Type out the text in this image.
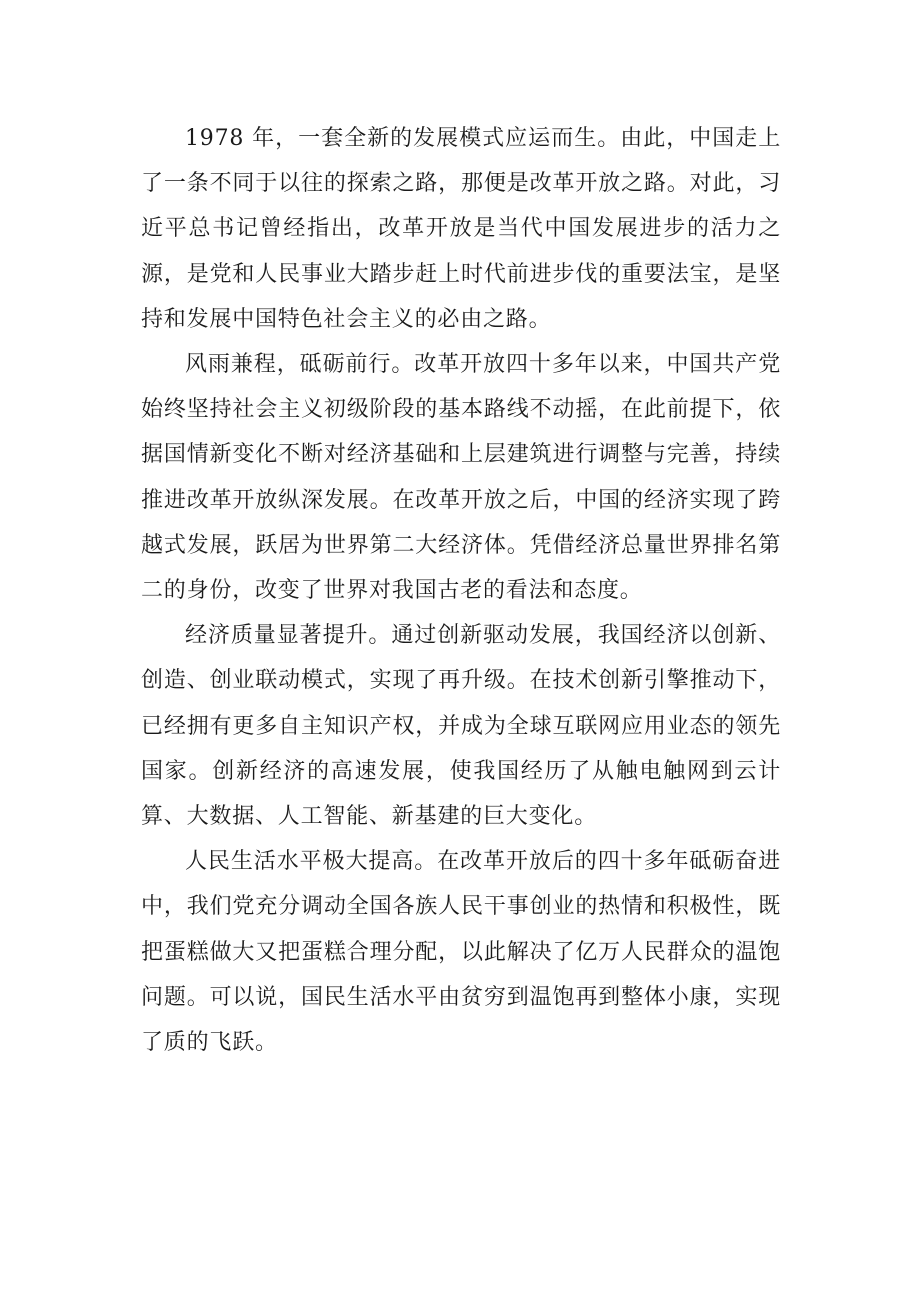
1978 年，一套全新的发展模式应运而生。由此，中国走上了一条不同于以往的探索之路，那便是改革开放之路。对此，习近平总书记曾经指出，改革开放是当代中国发展进步的活力之源，是党和人民事业大踏步赶上时代前进步伐的重要法宝，是坚持和发展中国特色社会主义的必由之路。

风雨兼程，砥砺前行。改革开放四十多年以来，中国共产党始终坚持社会主义初级阶段的基本路线不动摇，在此前提下，依据国情新变化不断对经济基础和上层建筑进行调整与完善，持续推进改革开放纵深发展。在改革开放之后，中国的经济实现了跨越式发展，跃居为世界第二大经济体。凭借经济总量世界排名第二的身份，改变了世界对我国古老的看法和态度。

经济质量显著提升。通过创新驱动发展，我国经济以创新、创造、创业联动模式，实现了再升级。在技术创新引擎推动下，已经拥有更多自主知识产权，并成为全球互联网应用业态的领先国家。创新经济的高速发展，使我国经历了从触电触网到云计算、大数据、人工智能、新基建的巨大变化。

人民生活水平极大提高。在改革开放后的四十多年砥砺奋进中，我们党充分调动全国各族人民干事创业的热情和积极性，既把蛋糕做大又把蛋糕合理分配，以此解决了亿万人民群众的温饱问题。可以说，国民生活水平由贫穷到温饱再到整体小康，实现了质的飞跃。
